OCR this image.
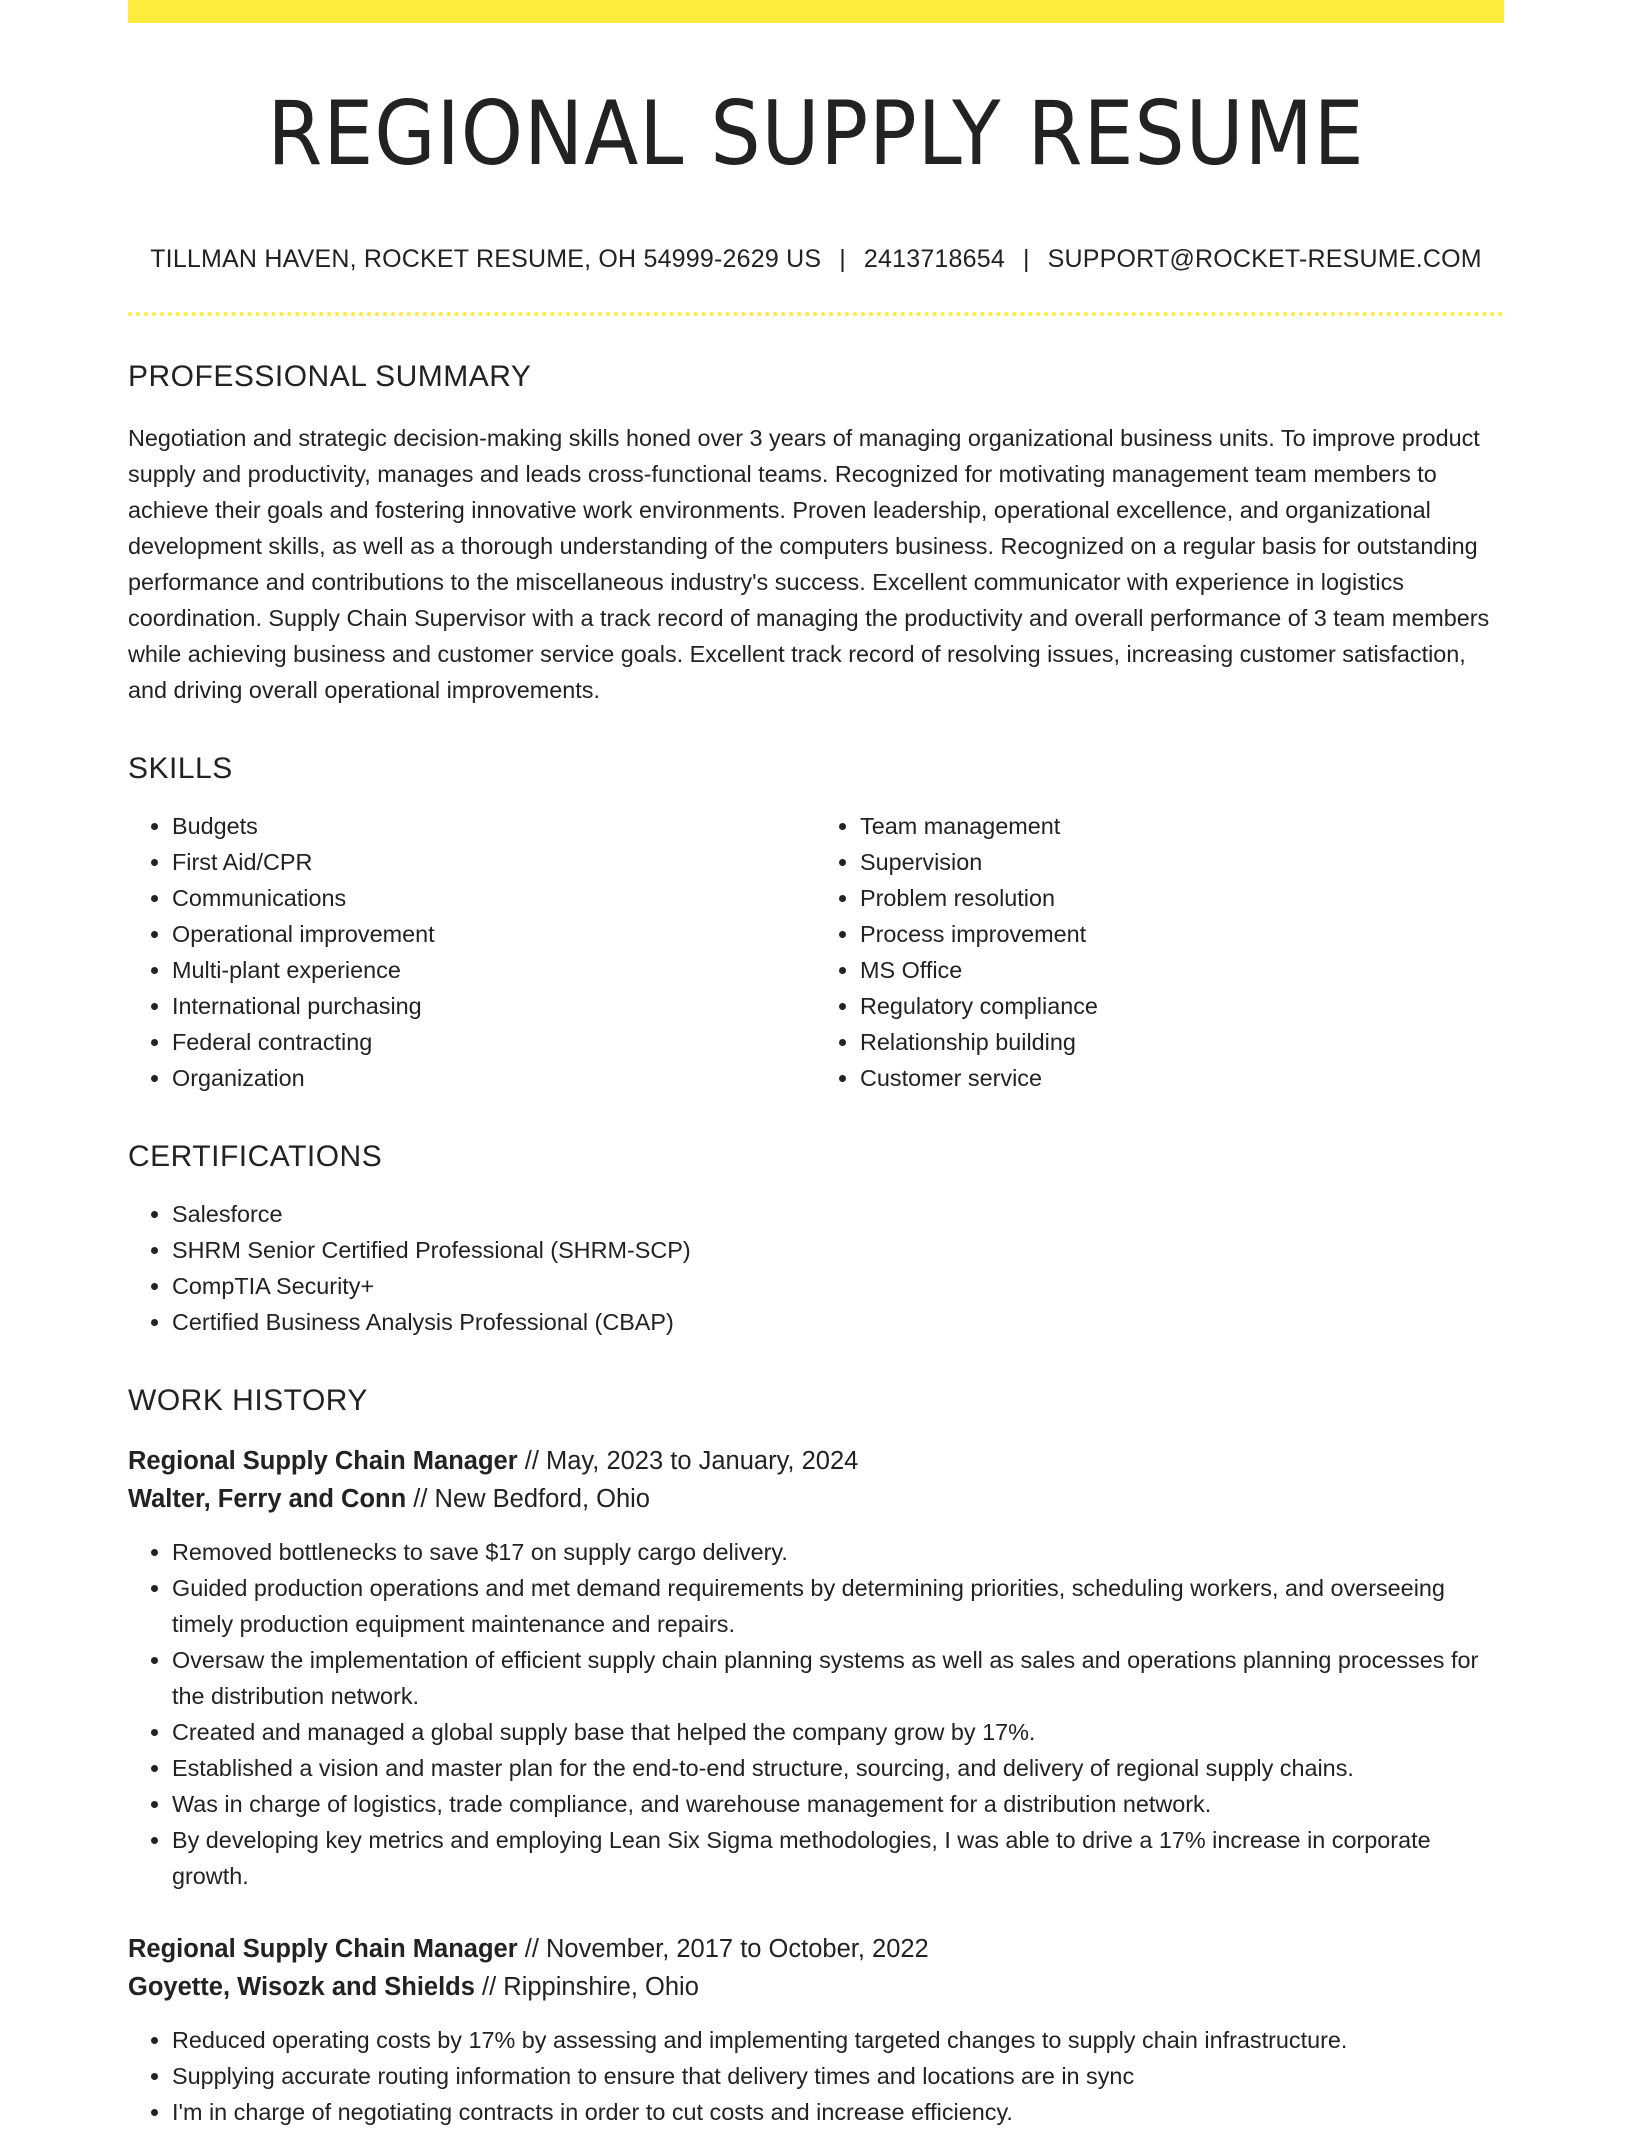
REGIONAL SUPPLY RESUME
TILLMAN HAVEN, ROCKET RESUME, OH 54999-2629 US | 2413718654 | SUPPORT@ROCKET-RESUME.COM
PROFESSIONAL SUMMARY
Negotiation and strategic decision-making skills honed over 3 years of managing organizational business units. To improve product supply and productivity, manages and leads cross-functional teams. Recognized for motivating management team members to achieve their goals and fostering innovative work environments. Proven leadership, operational excellence, and organizational development skills, as well as a thorough understanding of the computers business. Recognized on a regular basis for outstanding performance and contributions to the miscellaneous industry's success. Excellent communicator with experience in logistics coordination. Supply Chain Supervisor with a track record of managing the productivity and overall performance of 3 team members while achieving business and customer service goals. Excellent track record of resolving issues, increasing customer satisfaction, and driving overall operational improvements.
SKILLS
• Budgets
• First Aid/CPR
• Communications
• Operational improvement
• Multi-plant experience
• International purchasing
• Federal contracting
• Organization
• Team management
• Supervision
• Problem resolution
• Process improvement
• MS Office
• Regulatory compliance
• Relationship building
• Customer service
CERTIFICATIONS
• Salesforce
• SHRM Senior Certified Professional (SHRM-SCP)
• CompTIA Security+
• Certified Business Analysis Professional (CBAP)
WORK HISTORY
Regional Supply Chain Manager // May, 2023 to January, 2024
Walter, Ferry and Conn // New Bedford, Ohio
• Removed bottlenecks to save $17 on supply cargo delivery.
• Guided production operations and met demand requirements by determining priorities, scheduling workers, and overseeing timely production equipment maintenance and repairs.
• Oversaw the implementation of efficient supply chain planning systems as well as sales and operations planning processes for the distribution network.
• Created and managed a global supply base that helped the company grow by 17%.
• Established a vision and master plan for the end-to-end structure, sourcing, and delivery of regional supply chains.
• Was in charge of logistics, trade compliance, and warehouse management for a distribution network.
• By developing key metrics and employing Lean Six Sigma methodologies, I was able to drive a 17% increase in corporate growth.
Regional Supply Chain Manager // November, 2017 to October, 2022
Goyette, Wisozk and Shields // Rippinshire, Ohio
• Reduced operating costs by 17% by assessing and implementing targeted changes to supply chain infrastructure.
• Supplying accurate routing information to ensure that delivery times and locations are in sync
• I'm in charge of negotiating contracts in order to cut costs and increase efficiency.
